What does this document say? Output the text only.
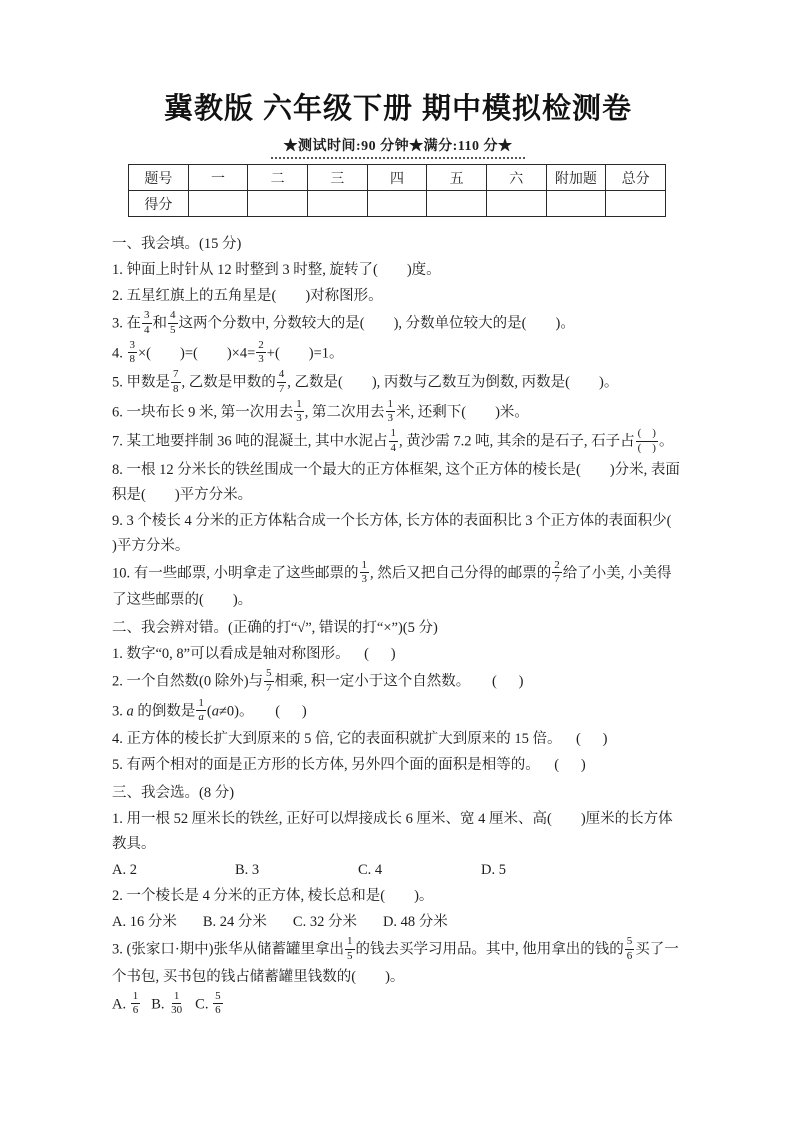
冀教版 六年级下册 期中模拟检测卷
★测试时间:90 分钟★满分:110 分★
题号	一	二	三	四	五	六	附加题	总分
得分								
一、我会填。(15 分)
1. 钟面上时针从 12 时整到 3 时整, 旋转了(        )度。
2. 五星红旗上的五角星是(        )对称图形。
3. 在 $\frac{3}{4}$ 和 $\frac{4}{5}$ 这两个分数中, 分数较大的是(        ), 分数单位较大的是(        )。
4. $\frac{3}{8}$ ×(        )=(        )$\times 4= \frac{2}{3}$ +(        )=1。
5. 甲数是 $\frac{7}{8}$ , 乙数是甲数的 $\frac{4}{7}$ , 乙数是(        ), 丙数与乙数互为倒数, 丙数是(        )。
6. 一块布长 9 米, 第一次用去 $\frac{1}{3}$ , 第二次用去 $\frac{1}{3}$ 米, 还剩下(        )米。
7. 某工地要拌制 36 吨的混凝土, 其中水泥占 $\frac{1}{4}$ , 黄沙需 7.2 吨, 其余的是石子, 石子占 $\frac{( )}{( )}$ 。
8. 一根 12 分米长的铁丝围成一个最大的正方体框架, 这个正方体的棱长是(        )分米, 表面积是(        )平方分米。
9. 3 个棱长 4 分米的正方体粘合成一个长方体, 长方体的表面积比 3 个正方体的表面积少(        )平方分米。
10. 有一些邮票, 小明拿走了这些邮票的 $\frac{1}{3}$ , 然后又把自己分得的邮票的 $\frac{2}{7}$ 给了小美, 小美得了这些邮票的(        )。
二、我会辨对错。(正确的打“√”, 错误的打“×”)(5 分)
1. 数字“0, 8”可以看成是轴对称图形。    (      )
2. 一个自然数(0 除外)与 $\frac{5}{7}$ 相乘, 积一定小于这个自然数。      (      )
3. a 的倒数是 $\frac{1}{a} (a\ne 0)$。      (      )
4. 正方体的棱长扩大到原来的 5 倍, 它的表面积就扩大到原来的 15 倍。    (      )
5. 有两个相对的面是正方形的长方体, 另外四个面的面积是相等的。    (      )
三、我会选。(8 分)
1. 用一根 52 厘米长的铁丝, 正好可以焊接成长 6 厘米、宽 4 厘米、高(        )厘米的长方体教具。
A. 2	B. 3	C. 4	D. 5
2. 一个棱长是 4 分米的正方体, 棱长总和是(        )。
A. 16 分米 B. 24 分米 C. 32 分米 D. 48 分米
3. (张家口·期中)张华从储蓄罐里拿出 $\frac{1}{5}$ 的钱去买学习用品。其中, 他用拿出的钱的 $\frac{5}{6}$ 买了一个书包, 买书包的钱占储蓄罐里钱数的(        )。
A. $\frac{1}{6} B$. $\frac{1}{30} C$. $\frac{5}{6}$
